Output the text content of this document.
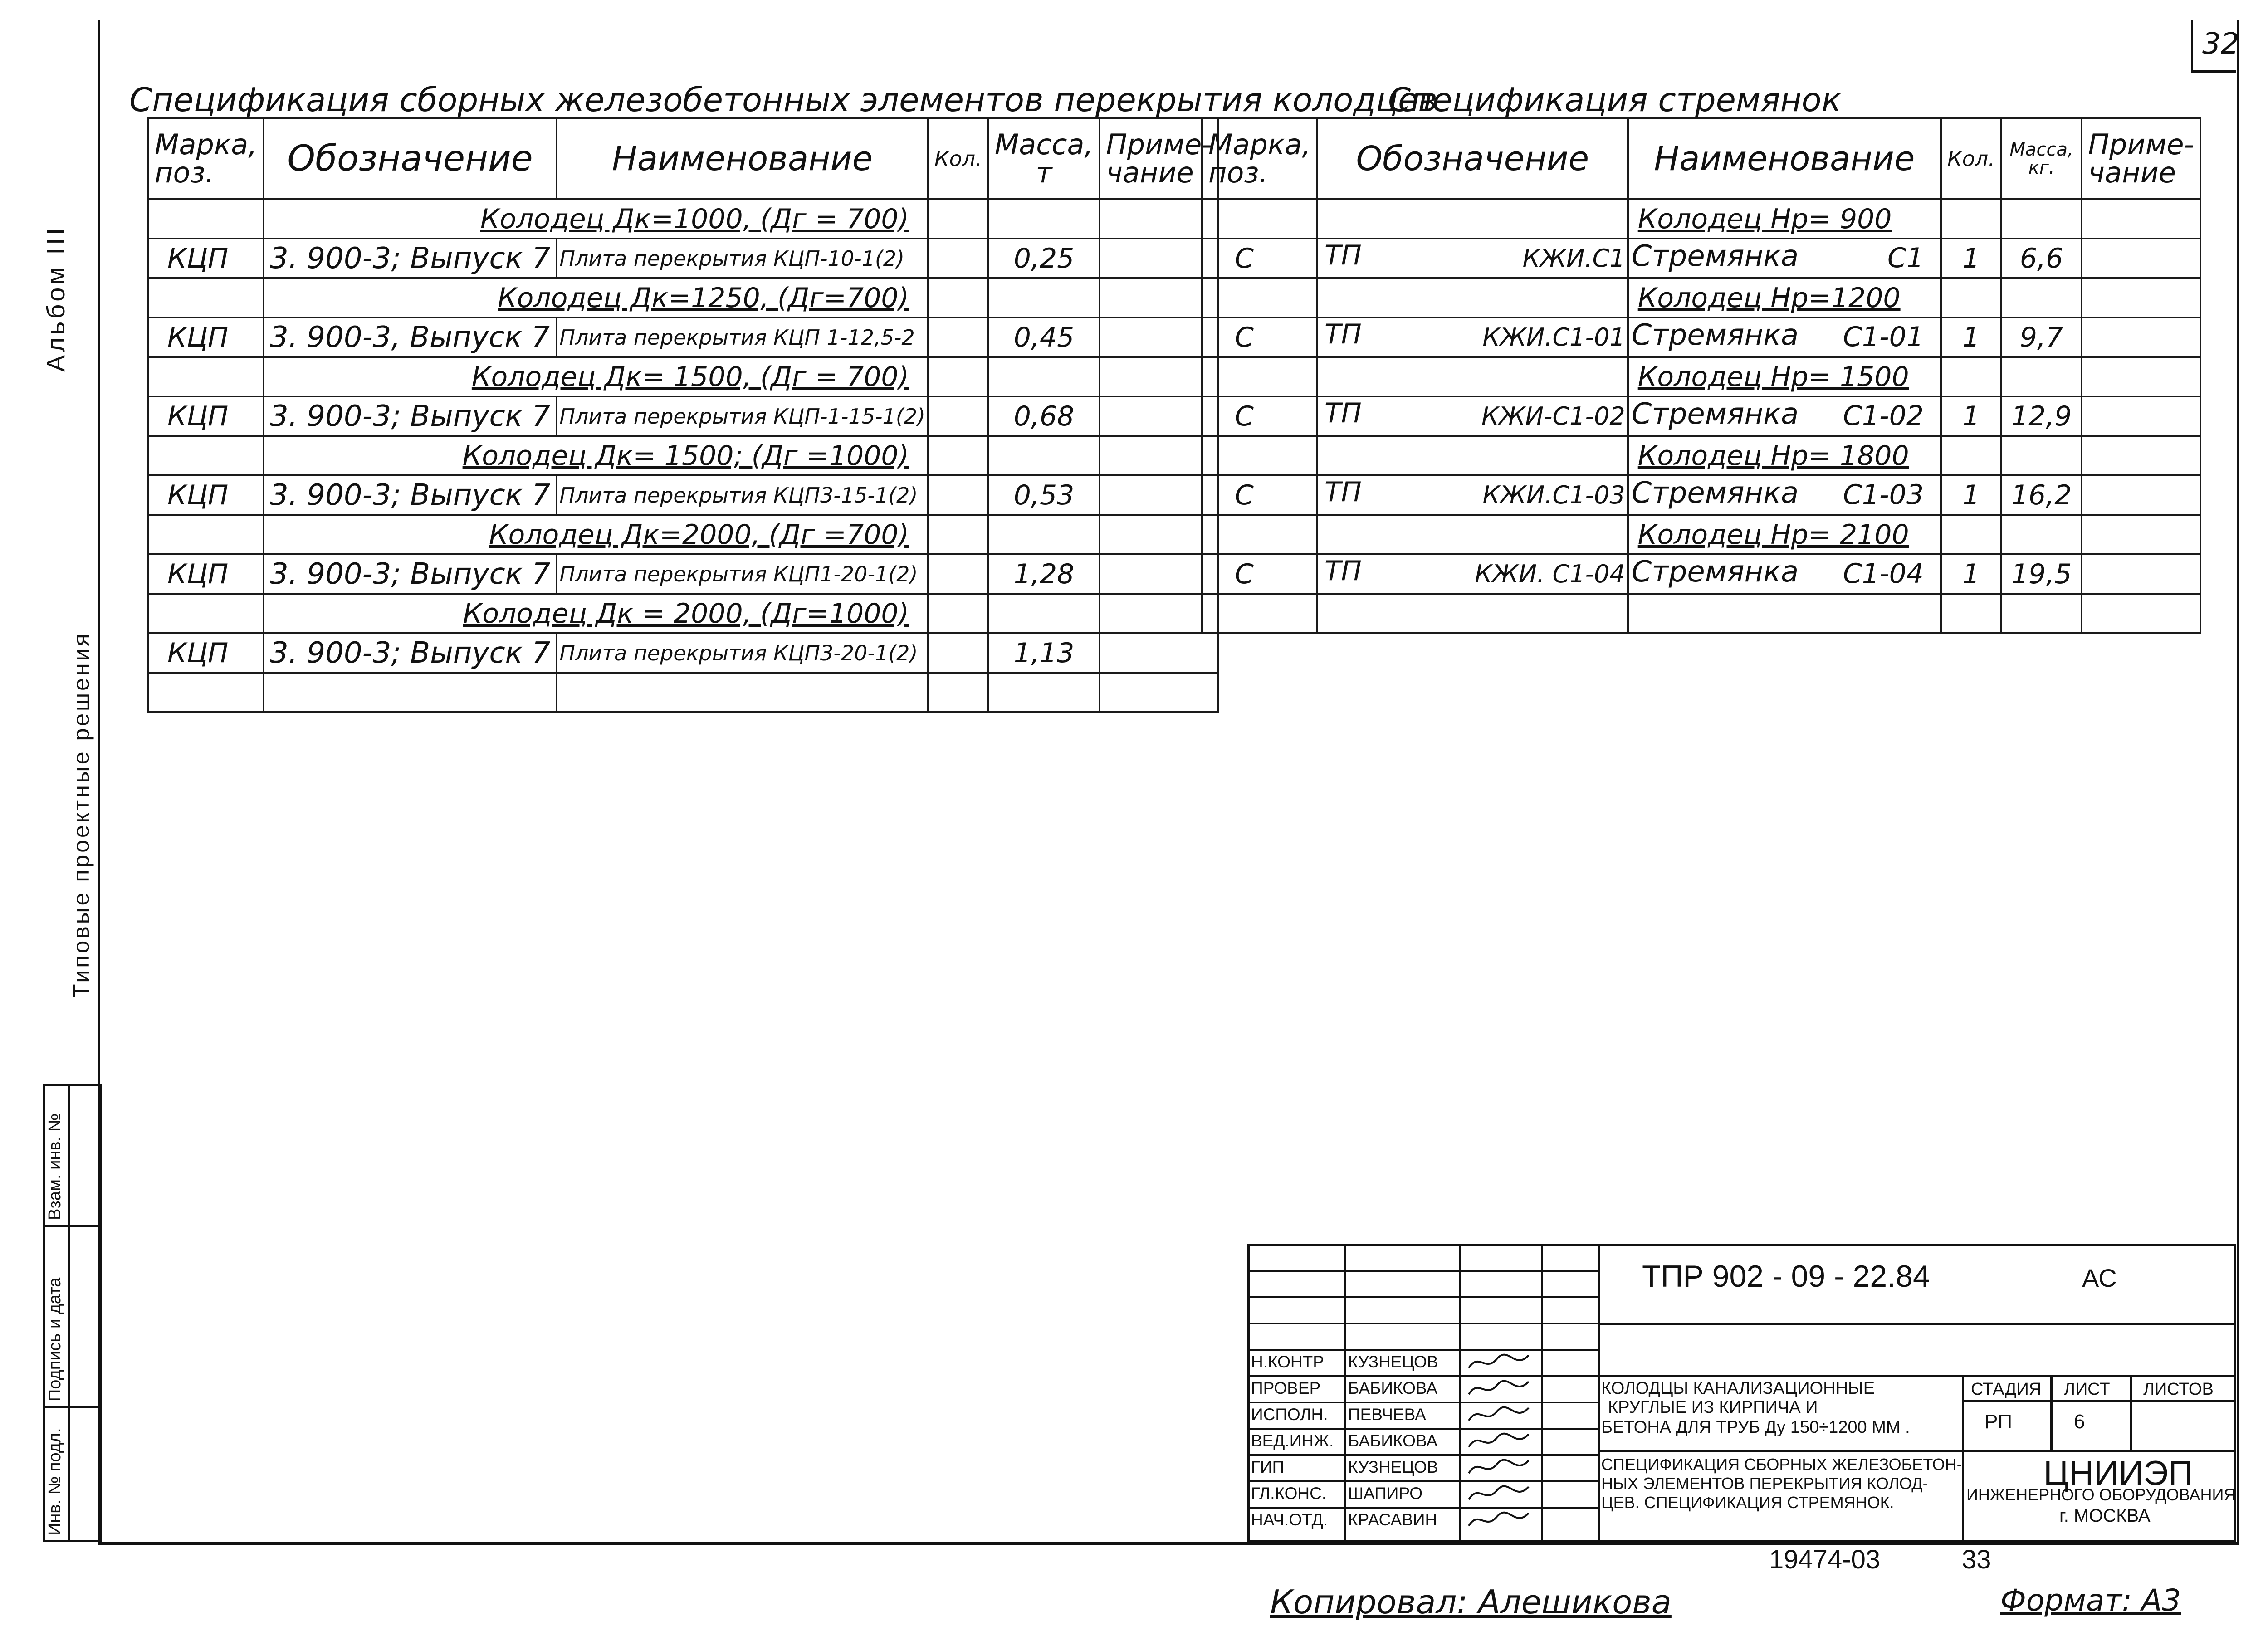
32
Альбом III
Типовые проектные решения
Взам. инв. №
Подпись и дата
Инв. № подл.
Спецификация сборных железобетонных элементов перекрытия колодцев
Марка, поз.	Обозначение	Наименование	Кол.	Масса, т	Приме- чание
	Колодец Дк=1000, (Дг = 700)				
КЦП	3. 900-3; Выпуск 7	Плита перекрытия КЦП-10-1(2)		0,25	
	Колодец Дк=1250, (Дг=700)				
КЦП	3. 900-3, Выпуск 7	Плита перекрытия КЦП 1-12,5-2		0,45	
	Колодец Дк= 1500, (Дг = 700)				
КЦП	3. 900-3; Выпуск 7	Плита перекрытия КЦП-1-15-1(2)		0,68	
	Колодец Дк= 1500; (Дг =1000)				
КЦП	3. 900-3; Выпуск 7	Плита перекрытия КЦП3-15-1(2)		0,53	
	Колодец Дк=2000, (Дг =700)				
КЦП	3. 900-3; Выпуск 7	Плита перекрытия КЦП1-20-1(2)		1,28	
	Колодец Дк = 2000, (Дг=1000)				
КЦП	3. 900-3; Выпуск 7	Плита перекрытия КЦП3-20-1(2)		1,13	

Спецификация стремянок
Марка, поз.	Обозначение	Наименование	Кол.	Масса, кг.	Приме- чание
		Колодец Нр= 900			
С	ТП КЖИ.С1	Стремянка С1	1	6,6	
		Колодец Нр=1200			
С	ТП КЖИ.С1-01	Стремянка С1-01	1	9,7	
		Колодец Нр= 1500			
С	ТП КЖИ-С1-02	Стремянка С1-02	1	12,9	
		Колодец Нр= 1800			
С	ТП КЖИ.С1-03	Стремянка С1-03	1	16,2	
		Колодец Нр= 2100			
С	ТП КЖИ. С1-04	Стремянка С1-04	1	19,5	

ТПР 902 - 09 - 22.84	АС
Н.КОНТР КУЗНЕЦОВ
ПРОВЕР БАБИКОВА
ИСПОЛН. ПЕВЧЕВА
ВЕД.ИНЖ. БАБИКОВА
ГИП	КУЗНЕЦОВ
ГЛ.КОНС. ШАПИРО
НАЧ.ОТД. КРАСАВИН
КОЛОДЦЫ КАНАЛИЗАЦИОННЫЕ
КРУГЛЫЕ ИЗ КИРПИЧА И
БЕТОНА ДЛЯ ТРУБ Ду 150÷1200 ММ .
СПЕЦИФИКАЦИЯ СБОРНЫХ ЖЕЛЕЗОБЕТОН-
НЫХ ЭЛЕМЕНТОВ ПЕРЕКРЫТИЯ КОЛОД-
ЦЕВ. СПЕЦИФИКАЦИЯ СТРЕМЯНОК.
СТАДИЯ ЛИСТ ЛИСТОВ
РП	6
ЦНИИЭП
ИНЖЕНЕРНОГО ОБОРУДОВАНИЯ
г. МОСКВА
19474-03	33
Копировал: Алешикова	Формат: А3
